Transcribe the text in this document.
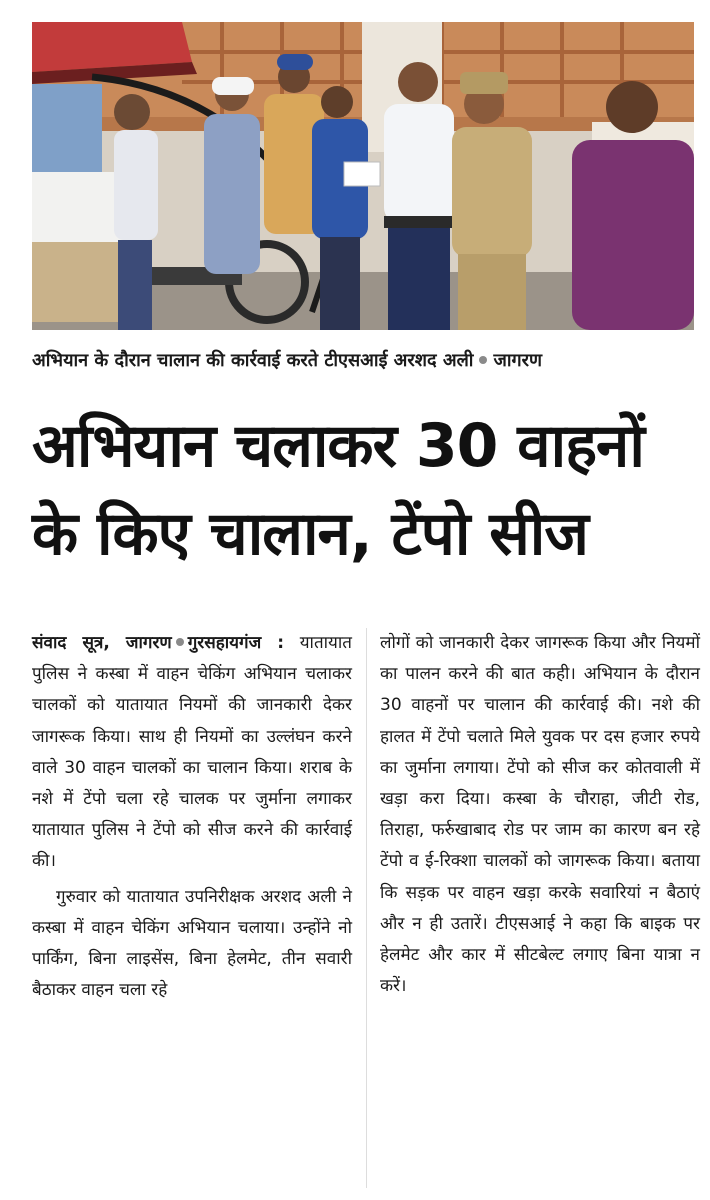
अभियान के दौरान चालान की कार्रवाई करते टीएसआई अरशद अली जागरण
अभियान चलाकर 30 वाहनों
के किए चालान, टेंपो सीज

संवाद सूत्र, जागरण गुरसहायगंज : यातायात पुलिस ने कस्बा में वाहन चेकिंग अभियान चलाकर चालकों को यातायात नियमों की जानकारी देकर जागरूक किया। साथ ही नियमों का उल्लंघन करने वाले 30 वाहन चालकों का चालान किया। शराब के नशे में टेंपो चला रहे चालक पर जुर्माना लगाकर यातायात पुलिस ने टेंपो को सीज करने की कार्रवाई की।

गुरुवार को यातायात उपनिरीक्षक अरशद अली ने कस्बा में वाहन चेकिंग अभियान चलाया। उन्होंने नो पार्किंग, बिना लाइसेंस, बिना हेलमेट, तीन सवारी बैठाकर वाहन चला रहे

लोगों को जानकारी देकर जागरूक किया और नियमों का पालन करने की बात कही। अभियान के दौरान 30 वाहनों पर चालान की कार्रवाई की। नशे की हालत में टेंपो चलाते मिले युवक पर दस हजार रुपये का जुर्माना लगाया। टेंपो को सीज कर कोतवाली में खड़ा करा दिया। कस्बा के चौराहा, जीटी रोड, तिराहा, फर्रुखाबाद रोड पर जाम का कारण बन रहे टेंपो व ई-रिक्शा चालकों को जागरूक किया। बताया कि सड़क पर वाहन खड़ा करके सवारियां न बैठाएं और न ही उतारें। टीएसआई ने कहा कि बाइक पर हेलमेट और कार में सीटबेल्ट लगाए बिना यात्रा न करें।
